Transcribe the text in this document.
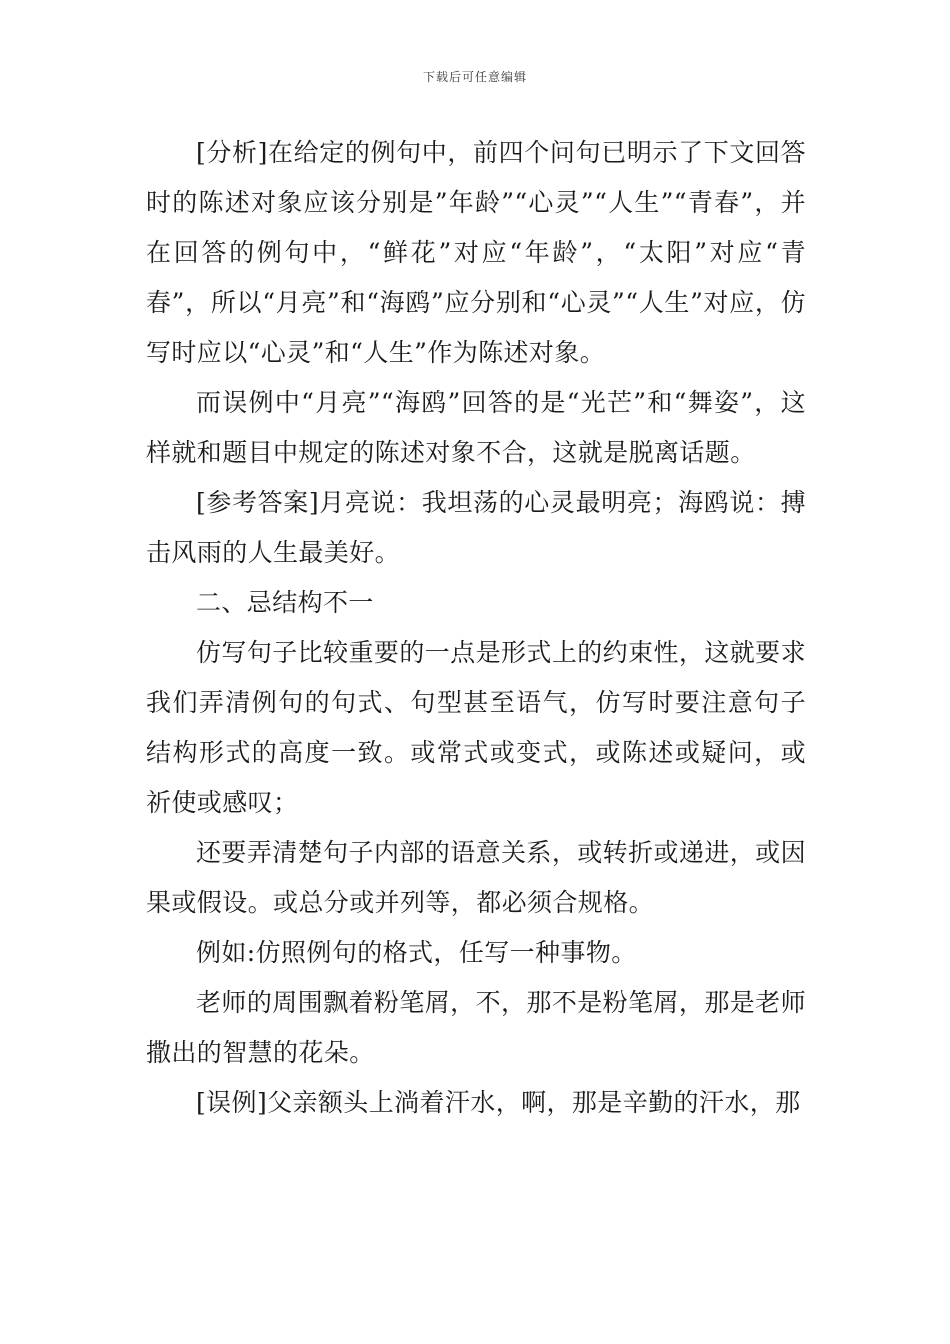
下载后可任意编辑

[分析]在给定的例句中，前四个问句已明示了下文回答时的陈述对象应该分别是”年龄”“心灵”“人生”“青春”，并在回答的例句中，“鲜花”对应“年龄”，“太阳”对应“青春”，所以“月亮”和“海鸥”应分别和“心灵”“人生”对应，仿写时应以“心灵”和“人生”作为陈述对象。

而误例中“月亮”“海鸥”回答的是“光芒”和“舞姿”，这样就和题目中规定的陈述对象不合，这就是脱离话题。

[参考答案]月亮说：我坦荡的心灵最明亮；海鸥说：搏击风雨的人生最美好。

二、忌结构不一

仿写句子比较重要的一点是形式上的约束性，这就要求我们弄清例句的句式、句型甚至语气，仿写时要注意句子结构形式的高度一致。或常式或变式，或陈述或疑问，或祈使或感叹；

还要弄清楚句子内部的语意关系，或转折或递进，或因果或假设。或总分或并列等，都必须合规格。

例如:仿照例句的格式，任写一种事物。

老师的周围飘着粉笔屑，不，那不是粉笔屑，那是老师撒出的智慧的花朵。

[误例]父亲额头上淌着汗水，啊，那是辛勤的汗水，那
